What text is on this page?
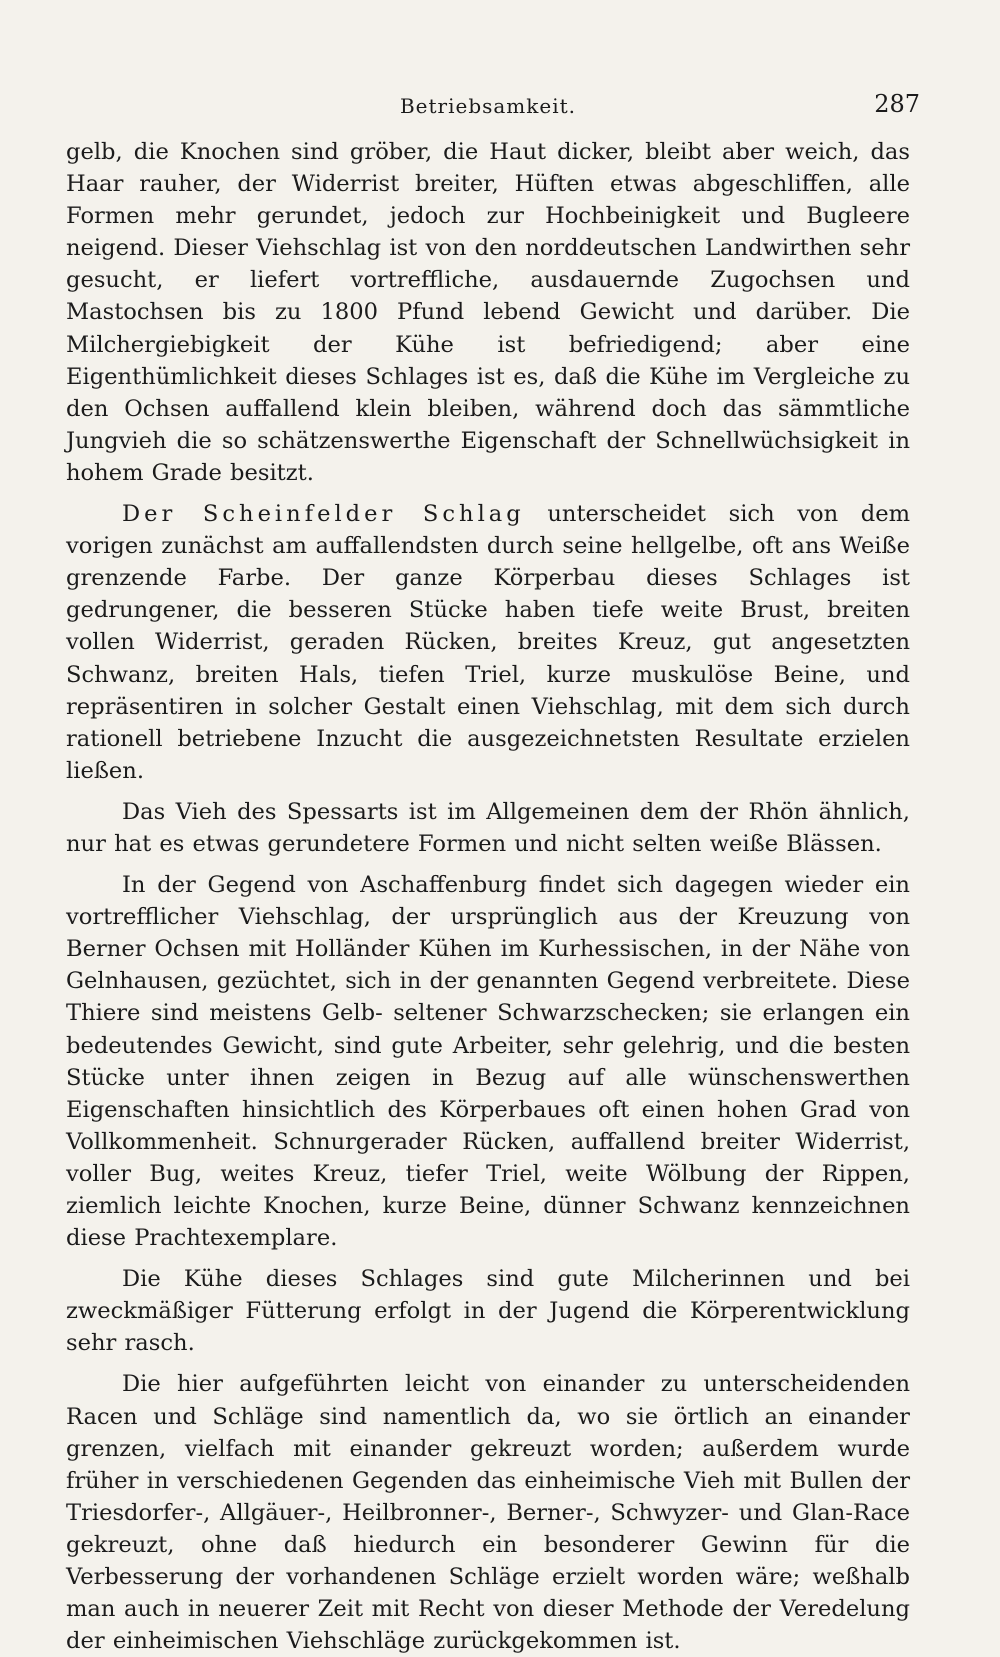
Betriebsamkeit.	287

gelb, die Knochen sind gröber, die Haut dicker, bleibt aber weich, das Haar rauher, der Widerrist breiter, Hüften etwas abgeschliffen, alle Formen mehr gerundet, jedoch zur Hochbeinigkeit und Bugleere neigend. Dieser Viehschlag ist von den norddeutschen Landwirthen sehr gesucht, er liefert vortreffliche, ausdauernde Zugochsen und Mastochsen bis zu 1800 Pfund lebend Gewicht und darüber. Die Milchergiebigkeit der Kühe ist befriedigend; aber eine Eigenthümlichkeit dieses Schlages ist es, daß die Kühe im Vergleiche zu den Ochsen auffallend klein bleiben, während doch das sämmtliche Jungvieh die so schätzenswerthe Eigenschaft der Schnellwüchsigkeit in hohem Grade besitzt.

Der Scheinfelder Schlag unterscheidet sich von dem vorigen zunächst am auffallendsten durch seine hellgelbe, oft ans Weiße grenzende Farbe. Der ganze Körperbau dieses Schlages ist gedrungener, die besseren Stücke haben tiefe weite Brust, breiten vollen Widerrist, geraden Rücken, breites Kreuz, gut angesetzten Schwanz, breiten Hals, tiefen Triel, kurze muskulöse Beine, und repräsentiren in solcher Gestalt einen Viehschlag, mit dem sich durch rationell betriebene Inzucht die ausgezeichnetsten Resultate erzielen ließen.

Das Vieh des Spessarts ist im Allgemeinen dem der Rhön ähnlich, nur hat es etwas gerundetere Formen und nicht selten weiße Blässen.

In der Gegend von Aschaffenburg findet sich dagegen wieder ein vortrefflicher Viehschlag, der ursprünglich aus der Kreuzung von Berner Ochsen mit Holländer Kühen im Kurhessischen, in der Nähe von Gelnhausen, gezüchtet, sich in der genannten Gegend verbreitete. Diese Thiere sind meistens Gelb- seltener Schwarzschecken; sie erlangen ein bedeutendes Gewicht, sind gute Arbeiter, sehr gelehrig, und die besten Stücke unter ihnen zeigen in Bezug auf alle wünschenswerthen Eigenschaften hinsichtlich des Körperbaues oft einen hohen Grad von Vollkommenheit. Schnurgerader Rücken, auffallend breiter Widerrist, voller Bug, weites Kreuz, tiefer Triel, weite Wölbung der Rippen, ziemlich leichte Knochen, kurze Beine, dünner Schwanz kennzeichnen diese Prachtexemplare.

Die Kühe dieses Schlages sind gute Milcherinnen und bei zweckmäßiger Fütterung erfolgt in der Jugend die Körperentwicklung sehr rasch.

Die hier aufgeführten leicht von einander zu unterscheidenden Racen und Schläge sind namentlich da, wo sie örtlich an einander grenzen, vielfach mit einander gekreuzt worden; außerdem wurde früher in verschiedenen Gegenden das einheimische Vieh mit Bullen der Triesdorfer-, Allgäuer-, Heilbronner-, Berner-, Schwyzer- und Glan-Race gekreuzt, ohne daß hiedurch ein besonderer Gewinn für die Verbesserung der vorhandenen Schläge erzielt worden wäre; weßhalb man auch in neuerer Zeit mit Recht von dieser Methode der Veredelung der einheimischen Viehschläge zurückgekommen ist.
